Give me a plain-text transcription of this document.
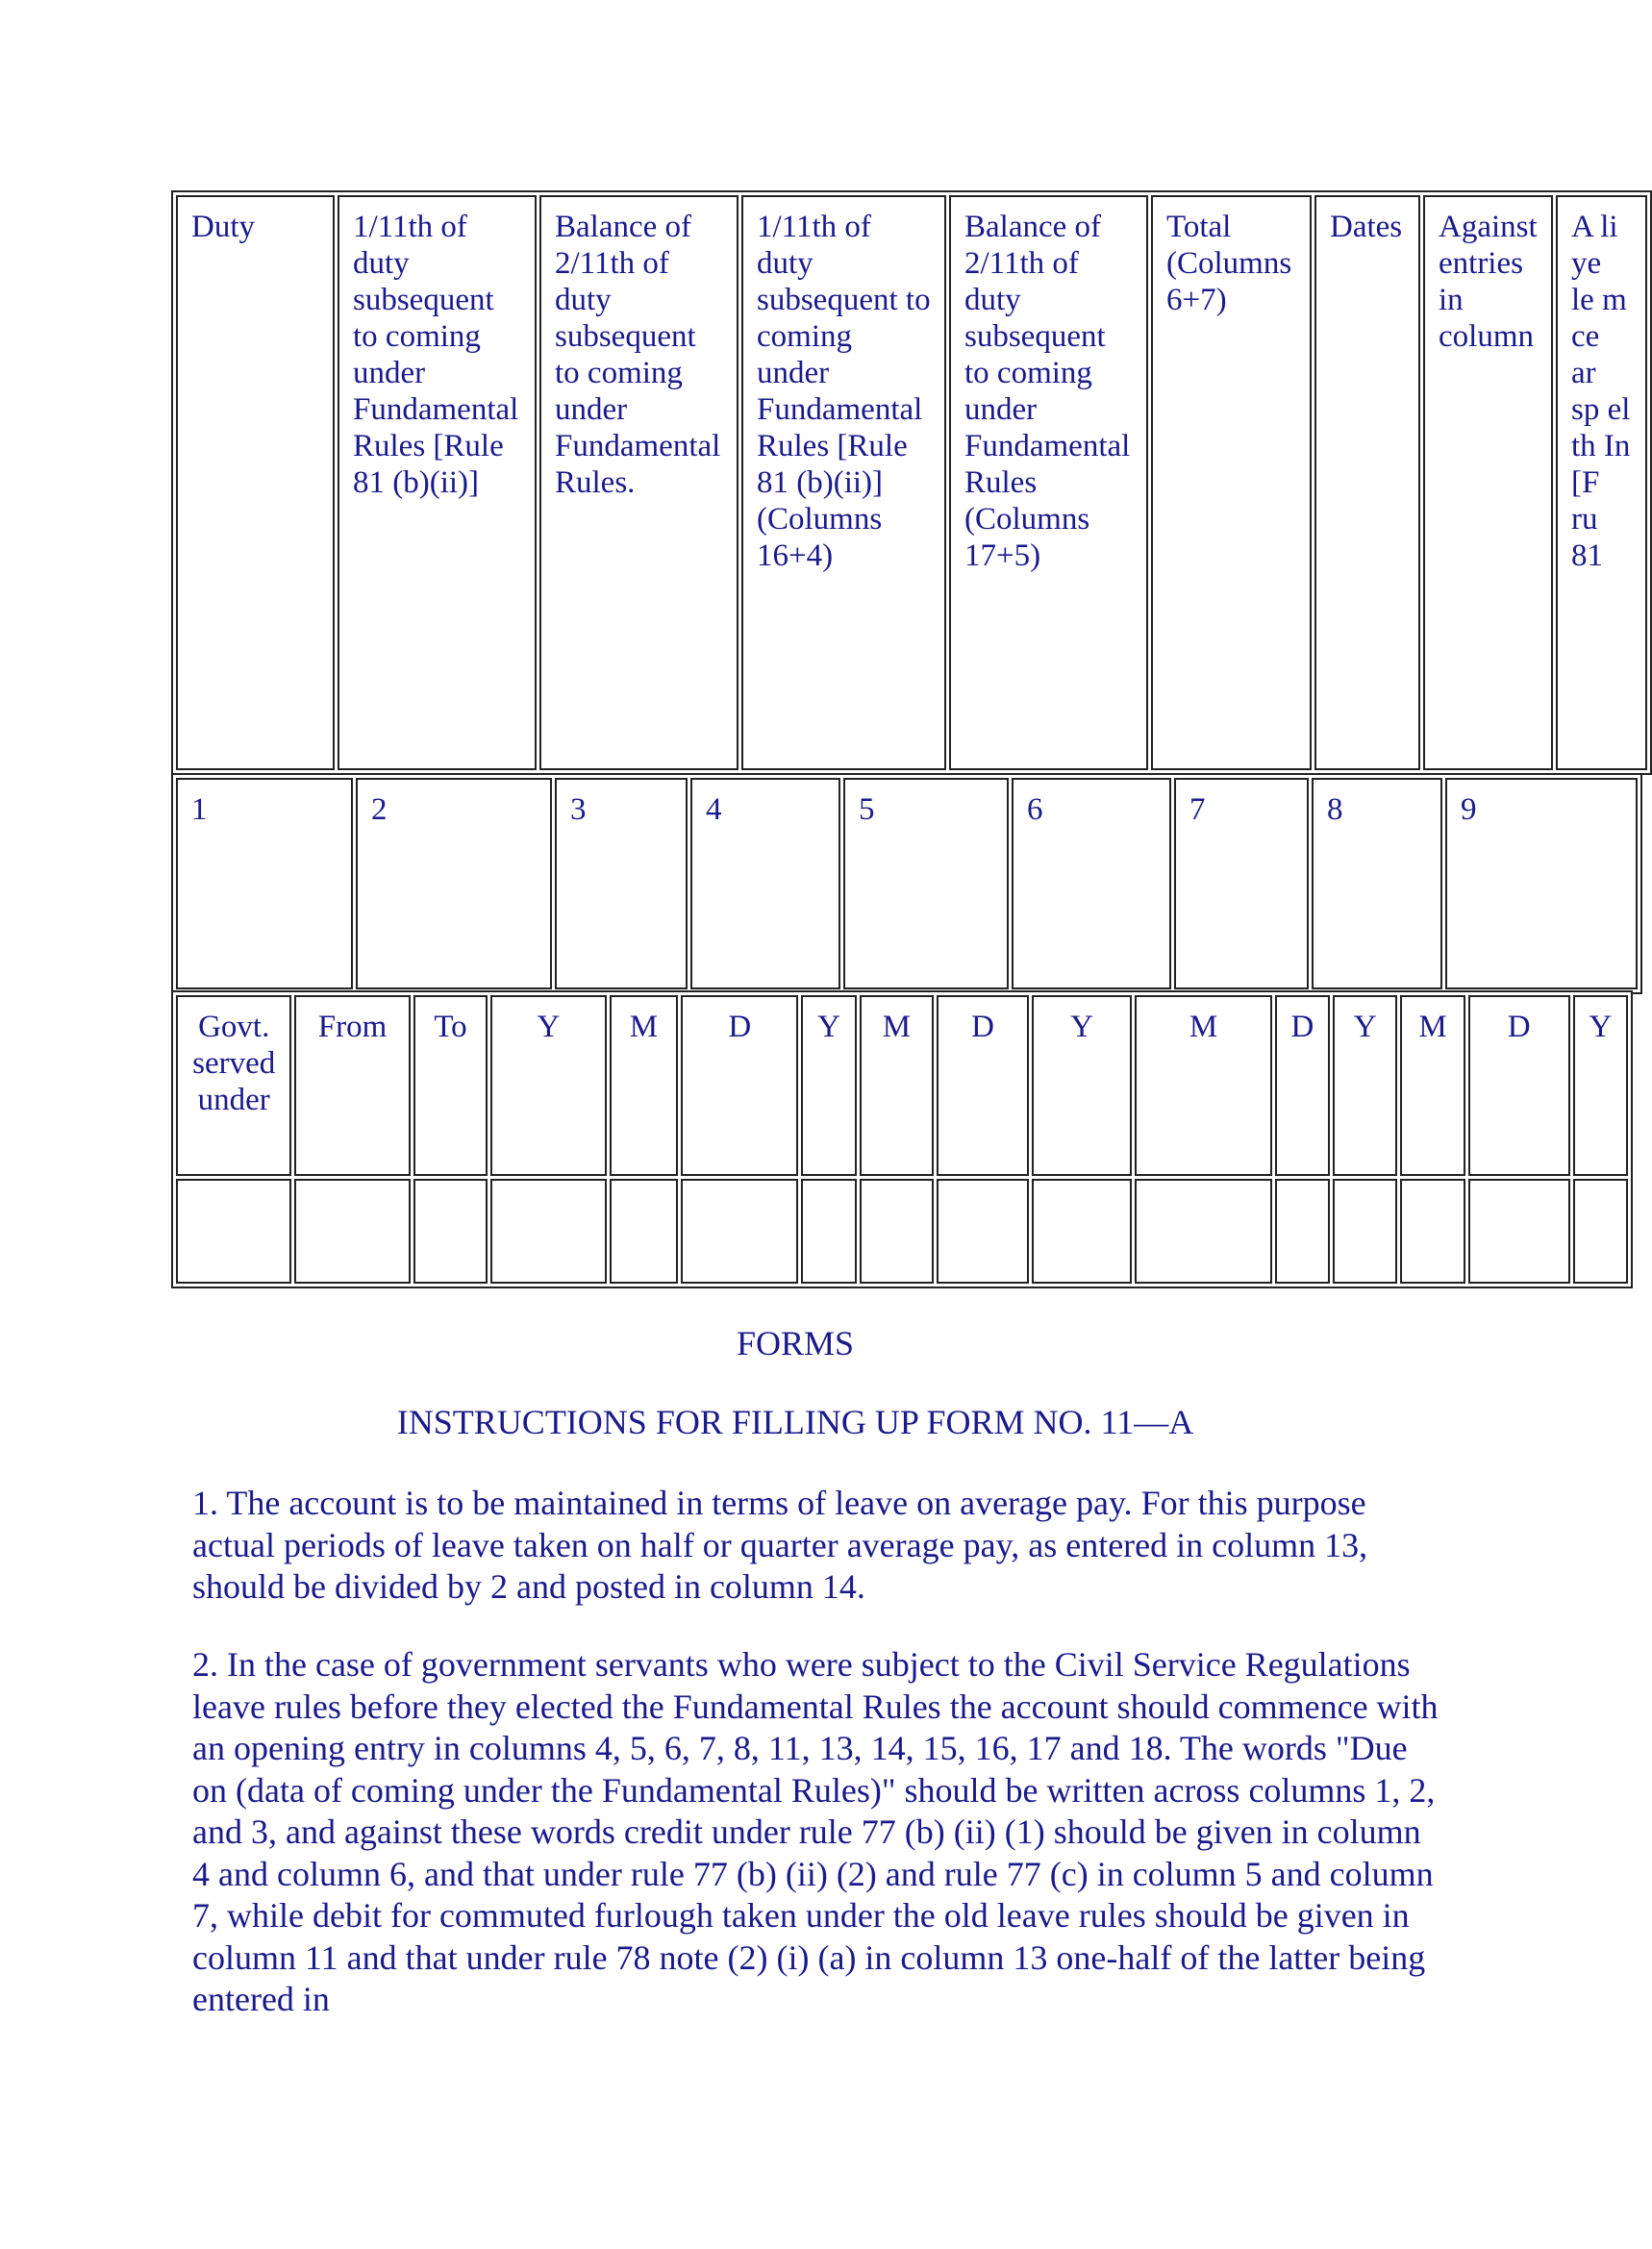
Duty	1/11th of duty subsequent to coming under Fundamental Rules [Rule 81 (b)(ii)]	Balance of 2/11th of duty subsequent to coming under Fundamental Rules.	1/11th of duty subsequent to coming under Fundamental Rules [Rule 81 (b)(ii)] (Columns 16+4)	Balance of 2/11th of duty subsequent to coming under Fundamental Rules (Columns 17+5)	Total (Columns 6+7)	Dates	Against entries in column	A li ye le m ce ar sp el th In [F ru 81
1	2	3	4	5	6	7	8	9
Govt. served under	From	To	Y	M	D	Y	M	D	Y	M	D	Y	M	D	Y

FORMS
INSTRUCTIONS FOR FILLING UP FORM NO. 11—A

1. The account is to be maintained in terms of leave on average pay. For this purpose actual periods of leave taken on half or quarter average pay, as entered in column 13, should be divided by 2 and posted in column 14.

2. In the case of government servants who were subject to the Civil Service Regulations leave rules before they elected the Fundamental Rules the account should commence with an opening entry in columns 4, 5, 6, 7, 8, 11, 13, 14, 15, 16, 17 and 18. The words "Due on (data of coming under the Fundamental Rules)" should be written across columns 1, 2, and 3, and against these words credit under rule 77 (b) (ii) (1) should be given in column 4 and column 6, and that under rule 77 (b) (ii) (2) and rule 77 (c) in column 5 and column 7, while debit for commuted furlough taken under the old leave rules should be given in column 11 and that under rule 78 note (2) (i) (a) in column 13 one-half of the latter being entered in
